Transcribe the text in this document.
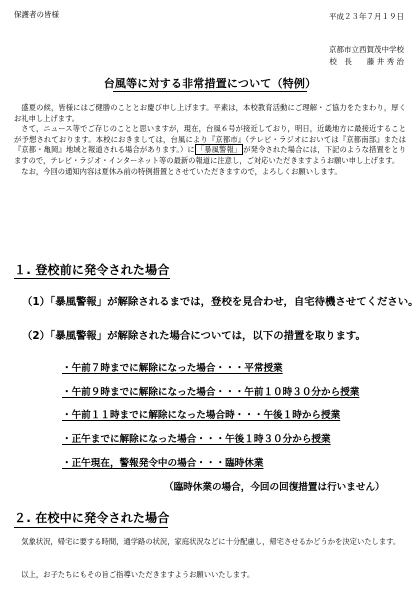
保護者の皆様	平成２３年７月１９日
京都市立西賀茂中学校
校　長　　藤 井 秀 治
台風等に対する非常措置について（特例）
盛夏の候，皆様にはご健勝のこととお慶び申し上げます。平素は，本校教育活動にご理解・ご協力をたまわり，厚くお礼申し上げます。
さて，ニュース等でご存じのことと思いますが，現在，台風６号が接近しており，明日，近畿地方に最接近することが予想されております。本校におきましては，台風により『京都市』（テレビ・ラジオにおいては『京都南部』または『京都・亀岡』地域と報道される場合があります。）に 「暴風警報」 が発令された場合には，下記のような措置をとりますので，テレビ・ラジオ・インターネット等の最新の報道に注意し，ご対応いただきますようお願い申し上げます。
なお，今回の通知内容は夏休み前の特例措置とさせていただきますので，よろしくお願いします。
１. 登校前に発令された場合
（1）「暴風警報」が解除されるまでは，登校を見合わせ，自宅待機させてください。
（2）「暴風警報」が解除された場合については，以下の措置を取ります。
・午前７時までに解除になった場合・・・平常授業
・午前９時までに解除になった場合・・・午前１０時３０分から授業
・午前１１時までに解除になった場合時・・・午後１時から授業
・正午までに解除になった場合・・・午後１時３０分から授業
・正午現在，警報発令中の場合・・・臨時休業
（臨時休業の場合，今回の回復措置は行いません）
２. 在校中に発令された場合
気象状況，帰宅に要する時間，通学路の状況，家庭状況などに十分配慮し，帰宅させるかどうかを決定いたします。
以上，お子たちにもその旨ご指導いただきますようお願いいたします。
